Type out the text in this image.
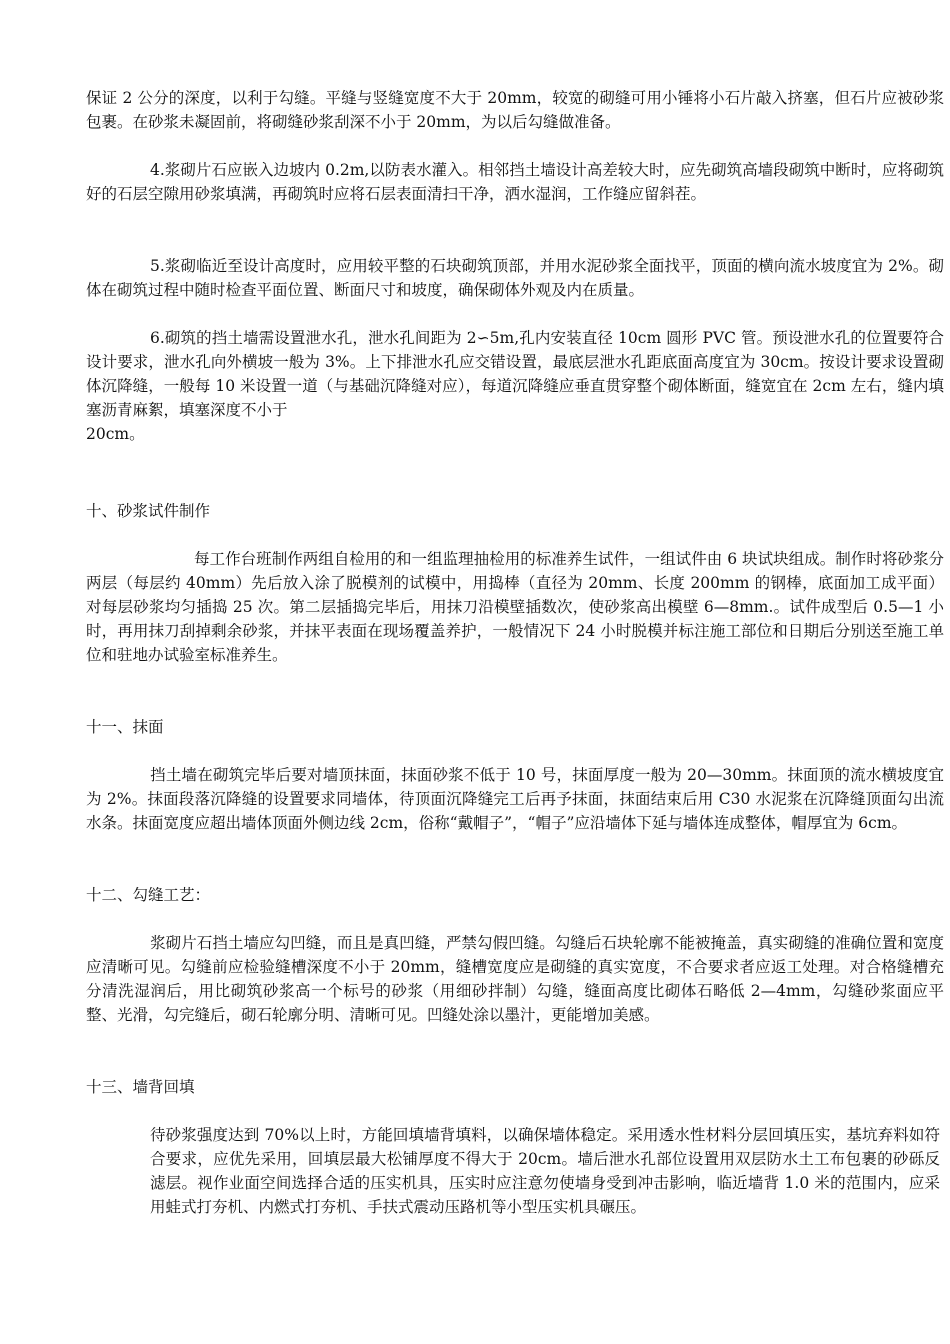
保证 2 公分的深度，以利于勾缝。平缝与竖缝宽度不大于 20mm，较宽的砌缝可用小锤将小石片敲入挤塞，但石片应被砂浆包裹。在砂浆未凝固前，将砌缝砂浆刮深不小于 20mm，为以后勾缝做准备。

4.浆砌片石应嵌入边坡内 0.2m,以防表水灌入。相邻挡土墙设计高差较大时，应先砌筑高墙段砌筑中断时，应将砌筑好的石层空隙用砂浆填满，再砌筑时应将石层表面清扫干净，洒水湿润，工作缝应留斜茬。

5.浆砌临近至设计高度时，应用较平整的石块砌筑顶部，并用水泥砂浆全面找平，顶面的横向流水坡度宜为 2%。砌体在砌筑过程中随时检查平面位置、断面尺寸和坡度，确保砌体外观及内在质量。

6.砌筑的挡土墙需设置泄水孔，泄水孔间距为 2∽5m,孔内安装直径 10cm 圆形 PVC 管。预设泄水孔的位置要符合设计要求，泄水孔向外横坡一般为 3%。上下排泄水孔应交错设置，最底层泄水孔距底面高度宜为 30cm。按设计要求设置砌体沉降缝，一般每 10 米设置一道（与基础沉降缝对应），每道沉降缝应垂直贯穿整个砌体断面，缝宽宜在 2cm 左右，缝内填塞沥青麻絮，填塞深度不小于

20cm。

十、砂浆试件制作

每工作台班制作两组自检用的和一组监理抽检用的标准养生试件，一组试件由 6 块试块组成。制作时将砂浆分两层（每层约 40mm）先后放入涂了脱模剂的试模中，用捣棒（直径为 20mm、长度 200mm 的钢棒，底面加工成平面）对每层砂浆均匀插捣 25 次。第二层插捣完毕后，用抹刀沿模壁插数次，使砂浆高出模壁 6—8mm.。试件成型后 0.5—1 小时，再用抹刀刮掉剩余砂浆，并抹平表面在现场覆盖养护，一般情况下 24 小时脱模并标注施工部位和日期后分别送至施工单位和驻地办试验室标准养生。

十一、抹面

挡土墙在砌筑完毕后要对墙顶抹面，抹面砂浆不低于 10 号，抹面厚度一般为 20—30mm。抹面顶的流水横坡度宜为 2%。抹面段落沉降缝的设置要求同墙体，待顶面沉降缝完工后再予抹面，抹面结束后用 C30 水泥浆在沉降缝顶面勾出流水条。抹面宽度应超出墙体顶面外侧边线 2cm，俗称“戴帽子”，“帽子”应沿墙体下延与墙体连成整体，帽厚宜为 6cm。

十二、勾缝工艺：

浆砌片石挡土墙应勾凹缝，而且是真凹缝，严禁勾假凹缝。勾缝后石块轮廓不能被掩盖，真实砌缝的准确位置和宽度应清晰可见。勾缝前应检验缝槽深度不小于 20mm，缝槽宽度应是砌缝的真实宽度，不合要求者应返工处理。对合格缝槽充分清洗湿润后，用比砌筑砂浆高一个标号的砂浆（用细砂拌制）勾缝，缝面高度比砌体石略低 2—4mm，勾缝砂浆面应平整、光滑，勾完缝后，砌石轮廓分明、清晰可见。凹缝处涂以墨汁，更能增加美感。

十三、墙背回填

待砂浆强度达到 70%以上时，方能回填墙背填料，以确保墙体稳定。采用透水性材料分层回填压实，基坑弃料如符合要求，应优先采用，回填层最大松铺厚度不得大于 20cm。墙后泄水孔部位设置用双层防水土工布包裹的砂砾反滤层。视作业面空间选择合适的压实机具，压实时应注意勿使墙身受到冲击影响，临近墙背 1.0 米的范围内，应采用蛙式打夯机、内燃式打夯机、手扶式震动压路机等小型压实机具碾压。
